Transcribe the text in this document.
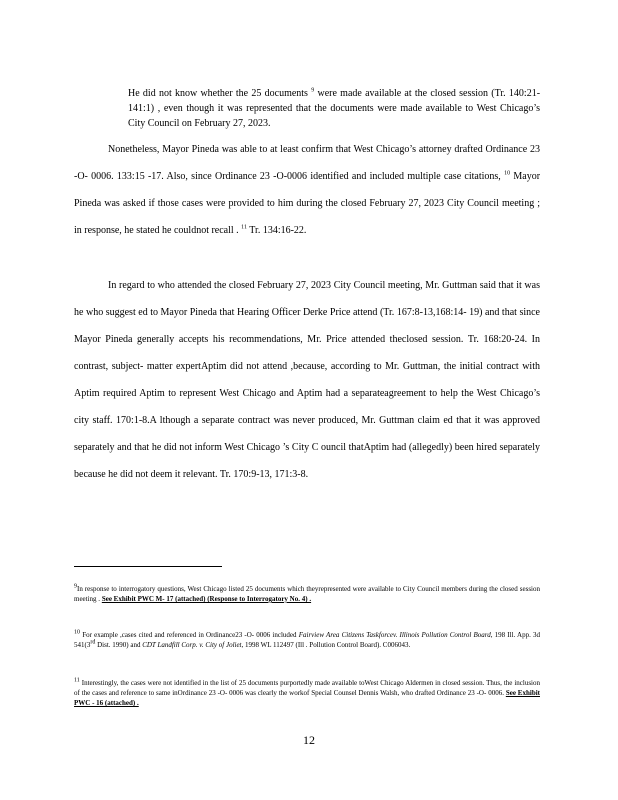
He did not know whether the 25 documents $^9$ were made available at the closed session (Tr. 140:21-141:1) , even though it was represented that the documents were made available to West Chicago’s City Council on February 27, 2023.
Nonetheless, Mayor Pineda was able to at least confirm that West Chicago’s attorney drafted Ordinance 23 -O- 0006. 133:15 -17. Also, since Ordinance 23 -O-0006 identified and included multiple case citations, $^{10}$ Mayor Pineda was asked if those cases were provided to him during the closed February 27, 2023 City Council meeting ; in response, he stated he couldnot recall . $^{11}$ Tr. 134:16-22.
In regard to who attended the closed February 27, 2023 City Council meeting, Mr. Guttman said that it was he who suggest ed to Mayor Pineda that Hearing Officer Derke Price attend (Tr. 167:8-13,168:14- 19) and that since Mayor Pineda generally accepts his recommendations, Mr. Price attended theclosed session. Tr. 168:20-24. In contrast, subject- matter expertAptim did not attend ,because, according to Mr. Guttman, the initial contract with Aptim required Aptim to represent West Chicago and Aptim had a separateagreement to help the West Chicago’s city staff. 170:1-8.A lthough a separate contract was never produced, Mr. Guttman claim ed that it was approved separately and that he did not inform West Chicago ’s City C ouncil thatAptim had (allegedly) been hired separately because he did not deem it relevant. Tr. 170:9-13, 171:3-8.
$^9$In response to interrogatory questions, West Chicago listed 25 documents which theyrepresented were available to City Council members during the closed session meeting . See Exhibit PWC M- 17 (attached) (Response to Interrogatory No. 4) .
$^{10}$ For example ,cases cited and referenced in Ordinance23 -O- 0006 included Fairview Area Citizens Taskforcev. Illinois Pollution Control Board, 198 Ill. App. 3d 541(3rd Dist. 1990) and CDT Landfill Corp. v. City of Joliet, 1998 WL 112497 (Ill . Pollution Control Board). C006043.
$^{11}$ Interestingly, the cases were not identified in the list of 25 documents purportedly made available toWest Chicago Aldermen in closed session. Thus, the inclusion of the cases and reference to same inOrdinance 23 -O- 0006 was clearly the workof Special Counsel Dennis Walsh, who drafted Ordinance 23 -O- 0006. See Exhibit PWC - 16 (attached) .
12
